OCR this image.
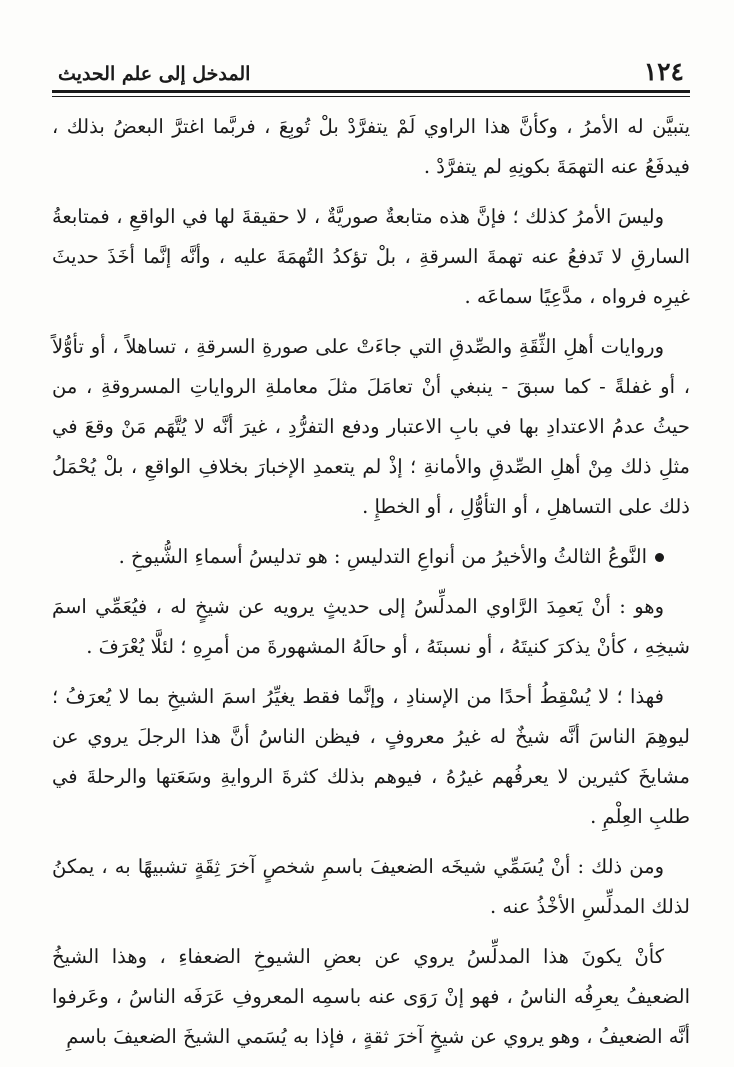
١٢٤
المدخل إلى علم الحديث

يتبيَّن له الأمرُ ، وكأنَّ هذا الراوي لَمْ يتفرَّدْ بلْ تُوبِعَ ، فربَّما اغترَّ البعضُ بذلك ، فيدفَعُ عنه التهمَةَ بكونِهِ لم يتفرَّدْ .

وليسَ الأمرُ كذلك ؛ فإنَّ هذه متابعةٌ صوريَّةٌ ، لا حقيقةَ لها في الواقعِ ، فمتابعةُ السارقِ لا تَدفعُ عنه تهمةَ السرقةِ ، بلْ تؤكدُ التُهمَةَ عليه ، وأنَّه إنَّما أخَذَ حديثَ غيرِه فرواه ، مدَّعِيًا سماعَه .

وروايات أهلِ الثِّقَةِ والصِّدقِ التي جاءَتْ على صورةِ السرقةِ ، تساهلاً ، أو تأوُّلاً ، أو غفلةً - كما سبقَ - ينبغي أنْ تعامَلَ مثلَ معاملةِ الرواياتِ المسروقةِ ، من حيثُ عدمُ الاعتدادِ بها في بابِ الاعتبار ودفع التفرُّدِ ، غيرَ أنَّه لا يُتَّهَم مَنْ وقعَ في مثلِ ذلك مِنْ أهلِ الصِّدقِ والأمانةِ ؛ إذْ لم يتعمدِ الإخبارَ بخلافِ الواقعِ ، بلْ يُحْمَلُ ذلك على التساهلِ ، أو التأوُّلِ ، أو الخطإِ .

النَّوعُ الثالثُ والأخيرُ من أنواعِ التدليسِ : هو تدليسُ أسماءِ الشُّيوخِ .

وهو : أنْ يَعمِدَ الرَّاوي المدلِّسُ إلى حديثٍ يرويه عن شيخٍ له ، فيُعَمِّي اسمَ شيخِهِ ، كأنْ يذكرَ كنيتَهُ ، أو نسبتَهُ ، أو حالَهُ المشهورةَ من أمرِهِ ؛ لئلَّا يُعْرَفَ .

فهذا ؛ لا يُسْقِطُ أحدًا من الإسنادِ ، وإنَّما فقط يغيِّرُ اسمَ الشيخِ بما لا يُعرَفُ ؛ ليوهِمَ الناسَ أنَّه شيخٌ له غيرُ معروفٍ ، فيظن الناسُ أنَّ هذا الرجلَ يروي عن مشايخَ كثيرين لا يعرفُهم غيرُهُ ، فيوهم بذلك كثرةَ الروايةِ وسَعَتها والرحلةَ في طلبِ العِلْمِ .

ومن ذلك : أنْ يُسَمِّي شيخَه الضعيفَ باسمِ شخصٍ آخرَ ثِقَةٍ تشبيهًا به ، يمكنُ لذلك المدلِّسِ الأخْذُ عنه .

كأنْ يكونَ هذا المدلِّسُ يروي عن بعضِ الشيوخِ الضعفاءِ ، وهذا الشيخُ الضعيفُ يعرِفُه الناسُ ، فهو إنْ رَوَى عنه باسمِه المعروفِ عَرَفَه الناسُ ، وعَرفوا أنَّه الضعيفُ ، وهو يروي عن شيخٍ آخرَ ثقةٍ ، فإذا به يُسَمي الشيخَ الضعيفَ باسمِ
